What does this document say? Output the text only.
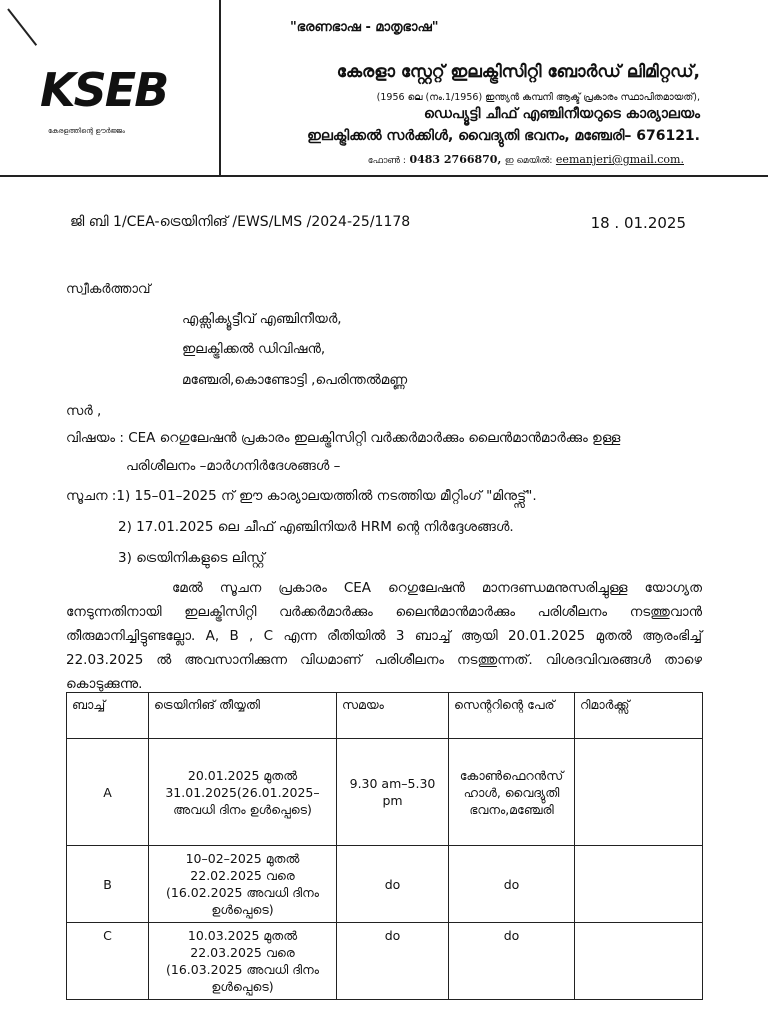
KSEB
കേരളത്തിന്റെ ഊർജ്ജം
"ഭരണഭാഷ - മാതൃഭാഷ"
കേരളാ സ്റ്റേറ്റ് ഇലക്ട്രിസിറ്റി ബോർഡ് ലിമിറ്റഡ്,
(1956 ലെ (നം.1/1956) ഇന്ത്യൻ കമ്പനി ആക്ട് പ്രകാരം സ്ഥാപിതമായത്),
ഡെപ്യൂട്ടി ചീഫ് എഞ്ചിനീയറുടെ കാര്യാലയം
ഇലക്ട്രിക്കൽ സർക്കിൾ, വൈദ്യുതി ഭവനം, മഞ്ചേരി– 676121.
ഫോൺ : 0483 2766870, ഇ മെയിൽ: eemanjeri@gmail.com.
ജി ബി 1/CEA-ട്രെയിനിങ് /EWS/LMS /2024-25/1178	18 . 01.2025
സ്വീകർത്താവ്
എക്സിക്യൂട്ടീവ് എഞ്ചിനീയർ,
ഇലക്ട്രിക്കൽ ഡിവിഷൻ,
മഞ്ചേരി,കൊണ്ടോട്ടി ,പെരിന്തൽമണ്ണ
സർ ,
വിഷയം : CEA റെഗുലേഷൻ പ്രകാരം ഇലക്ട്രിസിറ്റി വർക്കർമാർക്കും ലൈൻമാൻമാർക്കും ഉള്ള
പരിശീലനം –മാർഗനിർദേശങ്ങൾ –
സൂചന :1) 15–01–2025 ന് ഈ കാര്യാലയത്തിൽ നടത്തിയ മീറ്റിംഗ് "മിനുട്ട്സ്".
2) 17.01.2025 ലെ ചീഫ് എഞ്ചിനിയർ HRM ന്റെ നിർദ്ദേശങ്ങൾ.
3) ട്രെയിനികളുടെ ലിസ്റ്റ്
മേൽ സൂചന പ്രകാരം CEA റെഗുലേഷൻ മാനദണ്ഡമനുസരിച്ചുള്ള യോഗ്യത നേടുന്നതിനായി ഇലക്ട്രിസിറ്റി വർക്കർമാർക്കും ലൈൻമാൻമാർക്കും പരിശീലനം നടത്തുവാൻ തീരുമാനിച്ചിട്ടുണ്ടല്ലോ. A, B , C എന്ന രീതിയിൽ 3 ബാച്ച് ആയി 20.01.2025 മുതൽ ആരംഭിച്ച് 22.03.2025 ൽ അവസാനിക്കുന്ന വിധമാണ് പരിശീലനം നടത്തുന്നത്. വിശദവിവരങ്ങൾ താഴെ കൊടുക്കുന്നു.
ബാച്ച്	ട്രെയിനിങ് തീയ്യതി	സമയം	സെന്ററിന്റെ പേര്	റിമാർക്ക്സ്
A	20.01.2025 മുതൽ 31.01.2025(26.01.2025– അവധി ദിനം ഉൾപ്പെടെ)	9.30 am–5.30 pm	കോൺഫെറൻസ് ഹാൾ, വൈദ്യുതി ഭവനം,മഞ്ചേരി	
B	10–02–2025 മുതൽ 22.02.2025 വരെ (16.02.2025 അവധി ദിനം ഉൾപ്പെടെ)	do	do	
C	10.03.2025 മുതൽ 22.03.2025 വരെ (16.03.2025 അവധി ദിനം ഉൾപ്പെടെ)	do	do	
